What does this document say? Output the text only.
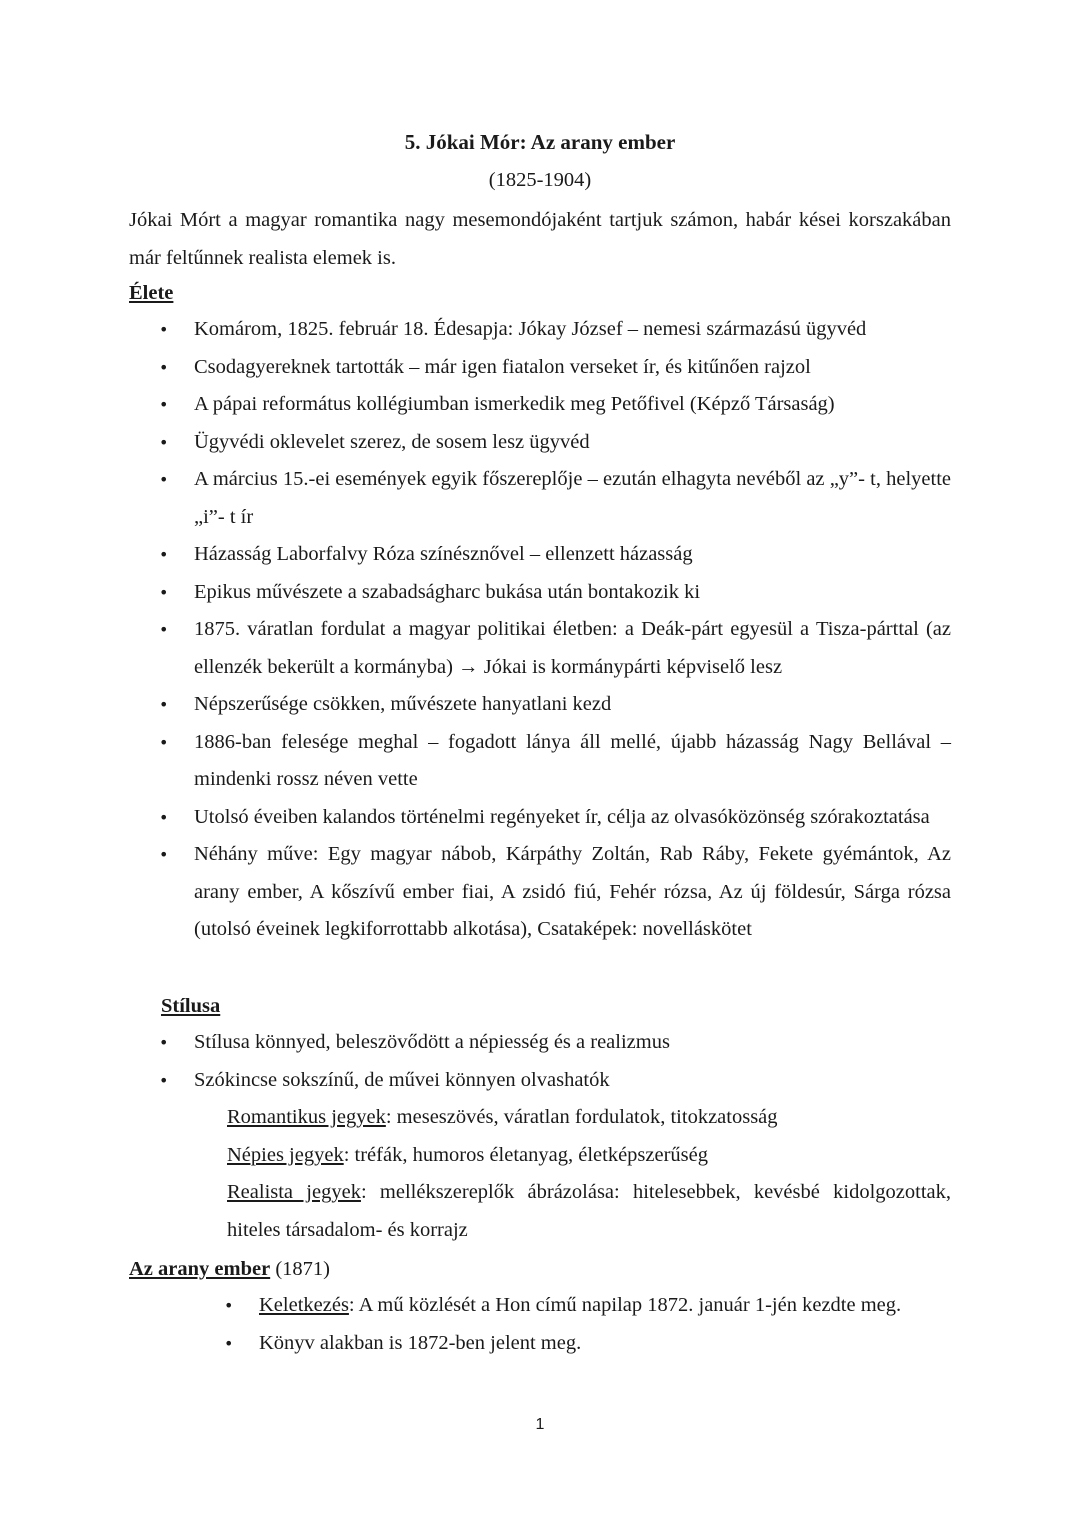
5. Jókai Mór: Az arany ember
(1825-1904)
Jókai Mórt a magyar romantika nagy mesemondójaként tartjuk számon, habár kései korszakában már feltűnnek realista elemek is.
Élete
• Komárom, 1825. február 18. Édesapja: Jókay József – nemesi származású ügyvéd
• Csodagyereknek tartották – már igen fiatalon verseket ír, és kitűnően rajzol
• A pápai református kollégiumban ismerkedik meg Petőfivel (Képző Társaság)
• Ügyvédi oklevelet szerez, de sosem lesz ügyvéd
• A március 15.-ei események egyik főszereplője – ezután elhagyta nevéből az „y”- t, helyette „i”- t ír
• Házasság Laborfalvy Róza színésznővel – ellenzett házasság
• Epikus művészete a szabadságharc bukása után bontakozik ki
• 1875. váratlan fordulat a magyar politikai életben: a Deák-párt egyesül a Tisza-párttal (az ellenzék bekerült a kormányba) → Jókai is kormánypárti képviselő lesz
• Népszerűsége csökken, művészete hanyatlani kezd
• 1886-ban felesége meghal – fogadott lánya áll mellé, újabb házasság Nagy Bellával – mindenki rossz néven vette
• Utolsó éveiben kalandos történelmi regényeket ír, célja az olvasóközönség szórakoztatása
• Néhány műve: Egy magyar nábob, Kárpáthy Zoltán, Rab Ráby, Fekete gyémántok, Az arany ember, A kőszívű ember fiai, A zsidó fiú, Fehér rózsa, Az új földesúr, Sárga rózsa (utolsó éveinek legkiforrottabb alkotása), Csataképek: novelláskötet
Stílusa
• Stílusa könnyed, beleszövődött a népiesség és a realizmus
• Szókincse sokszínű, de művei könnyen olvashatók
Romantikus jegyek: meseszövés, váratlan fordulatok, titokzatosság
Népies jegyek: tréfák, humoros életanyag, életképszerűség
Realista jegyek: mellékszereplők ábrázolása: hitelesebbek, kevésbé kidolgozottak, hiteles társadalom- és korrajz
Az arany ember (1871)
• Keletkezés: A mű közlését a Hon című napilap 1872. január 1-jén kezdte meg.
• Könyv alakban is 1872-ben jelent meg.
1
